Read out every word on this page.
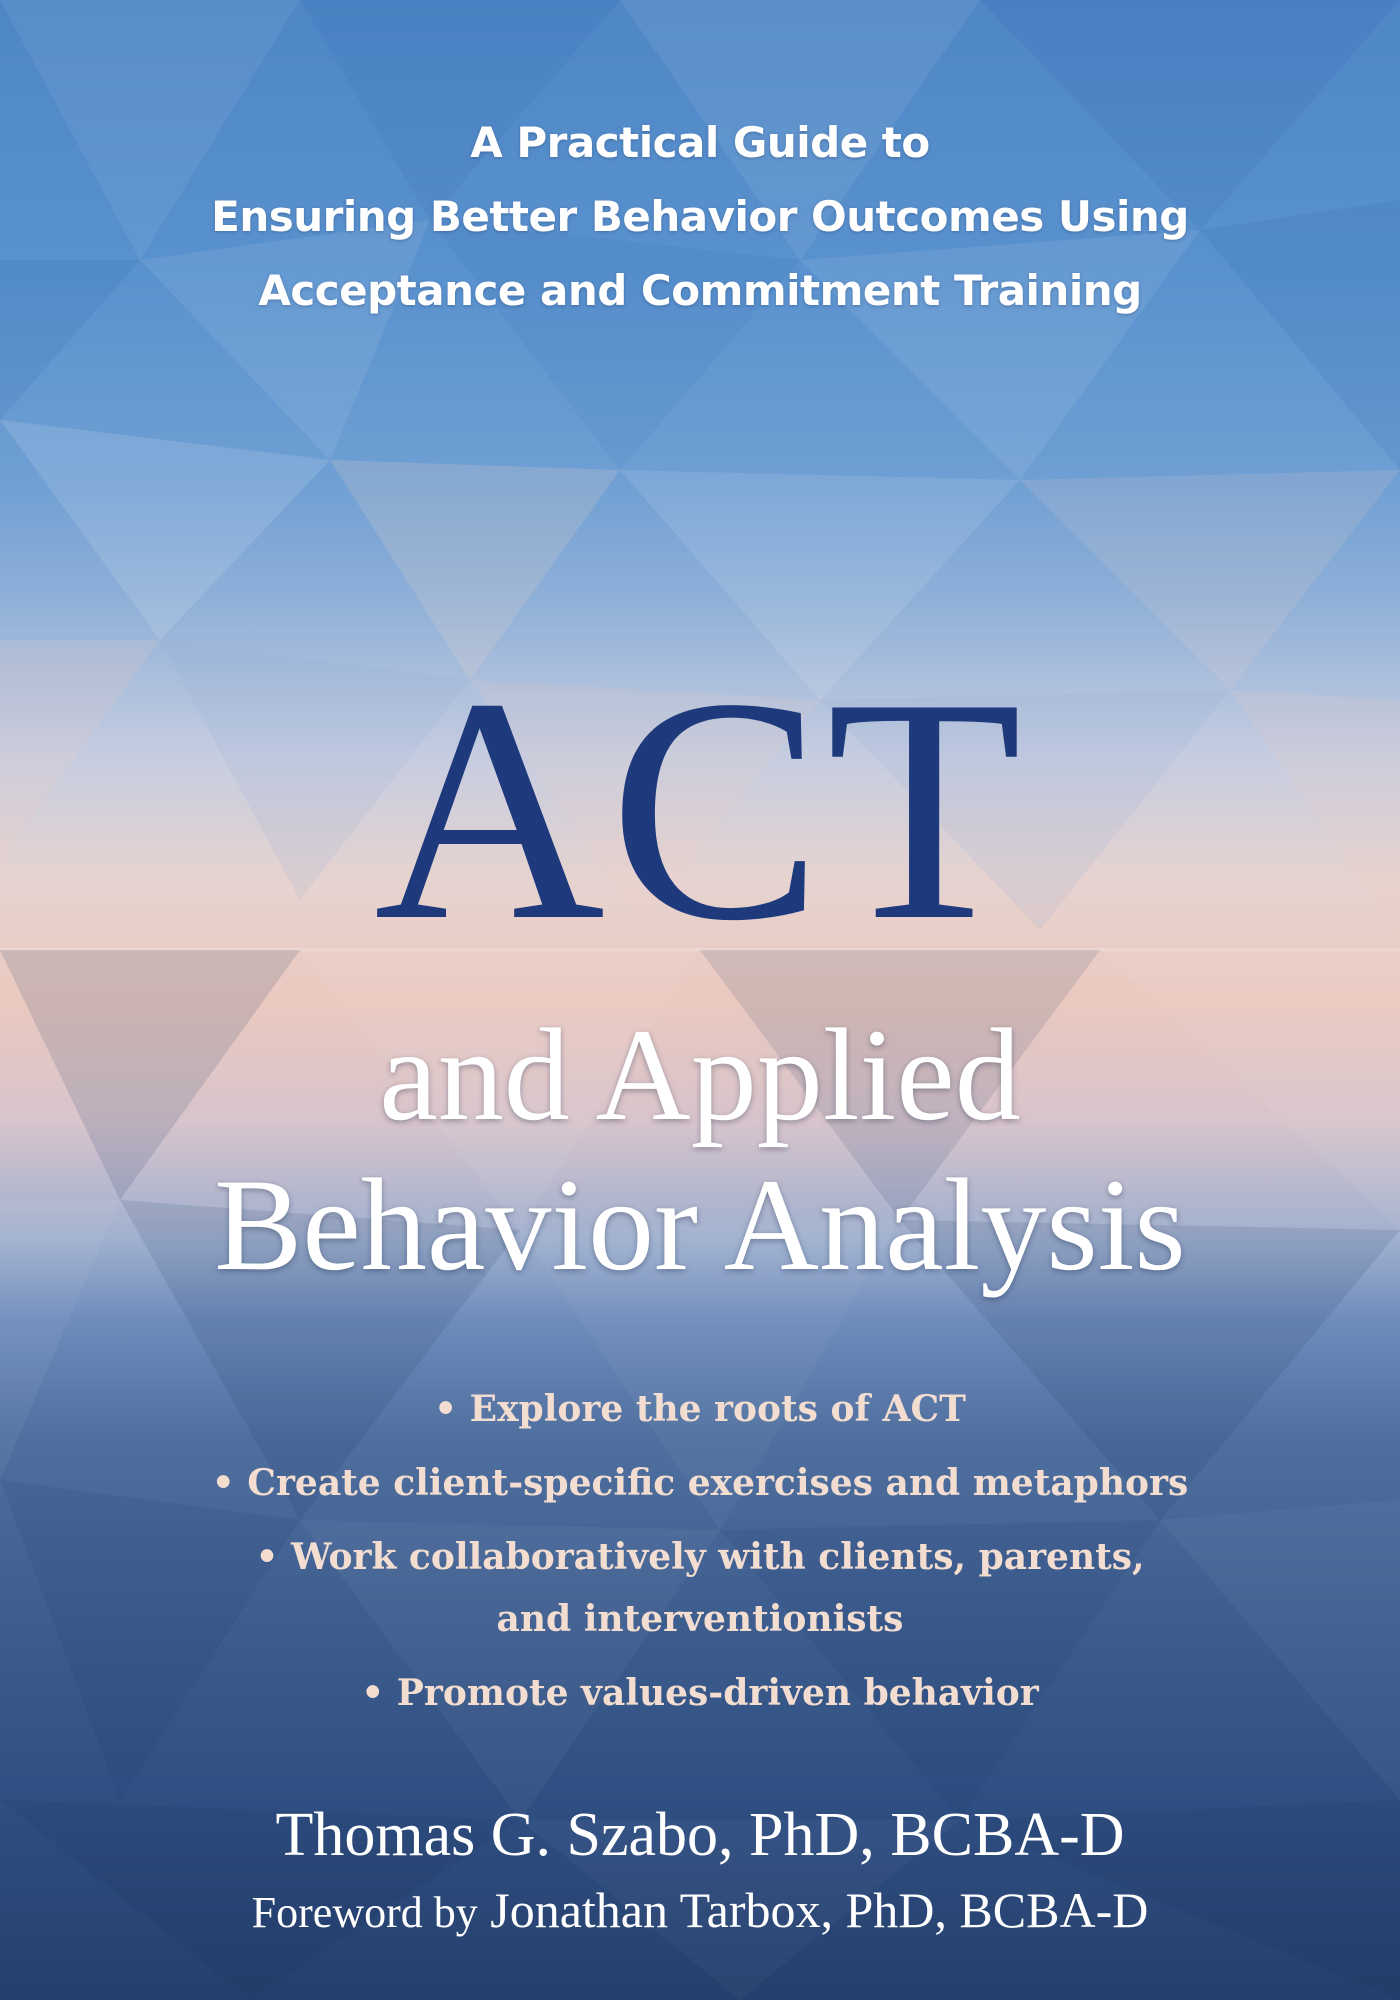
A Practical Guide to
Ensuring Better Behavior Outcomes Using
Acceptance and Commitment Training
ACT
and Applied
Behavior Analysis
• Explore the roots of ACT
• Create client-specific exercises and metaphors
• Work collaboratively with clients, parents,
and interventionists
• Promote values-driven behavior
Thomas G. Szabo, PhD, BCBA-D
Foreword by Jonathan Tarbox, PhD, BCBA-D
